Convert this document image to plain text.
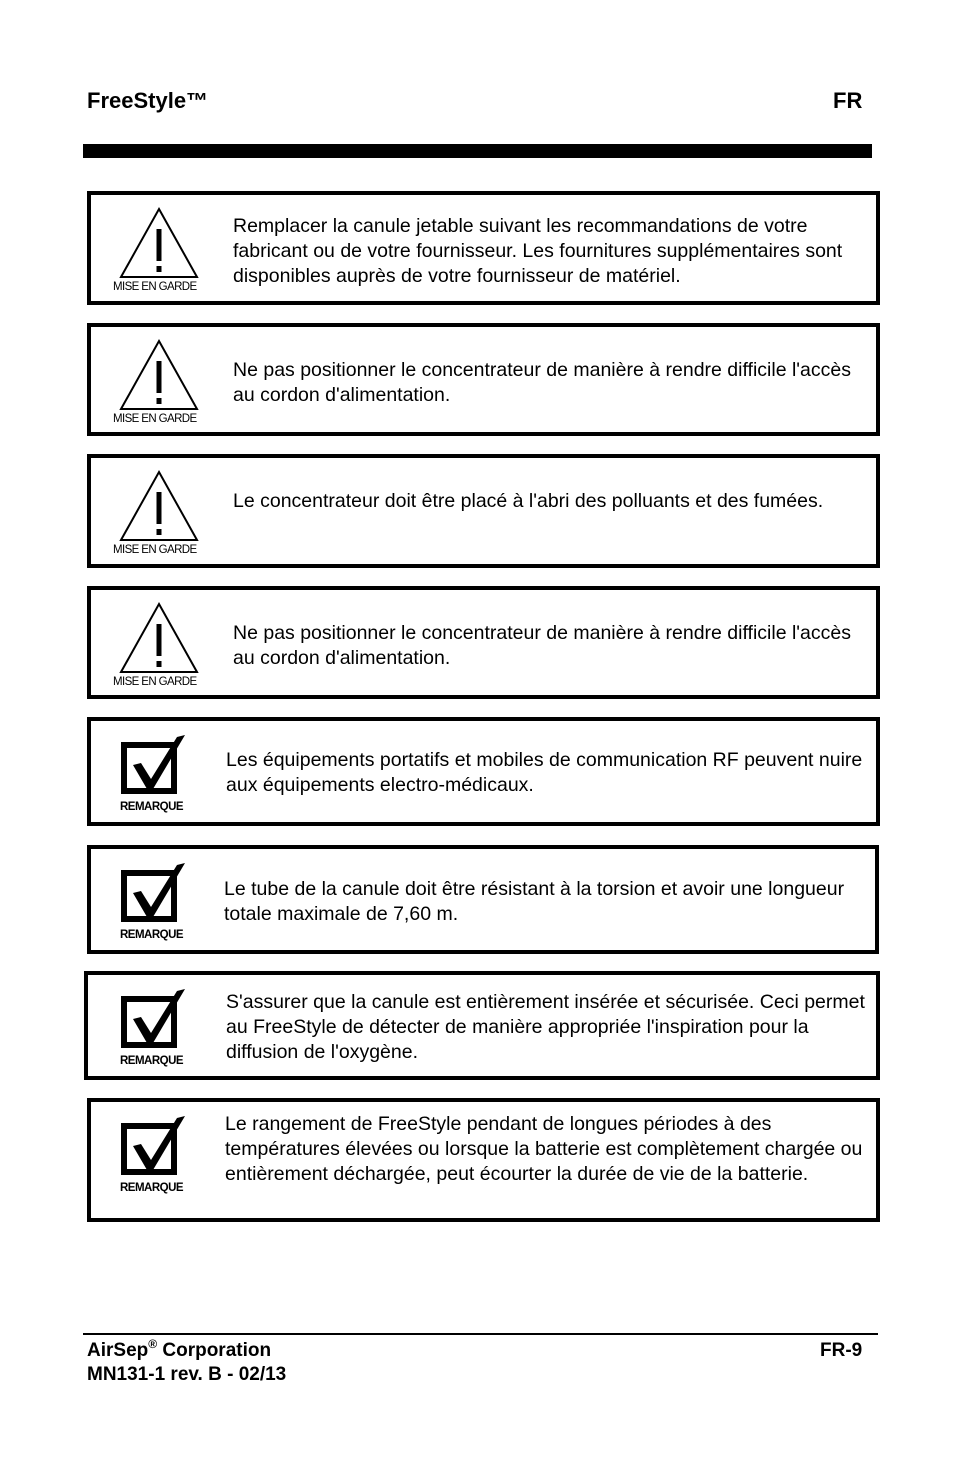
FreeStyle™	FR
MISE EN GARDE
Remplacer la canule jetable suivant les recommandations de votre fabricant ou de votre fournisseur. Les fournitures supplémentaires sont disponibles auprès de votre fournisseur de matériel.
MISE EN GARDE
Ne pas positionner le concentrateur de manière à rendre difficile l'accès au cordon d'alimentation.
MISE EN GARDE
Le concentrateur doit être placé à l'abri des polluants et des fumées.
MISE EN GARDE
Ne pas positionner le concentrateur de manière à rendre difficile l'accès au cordon d'alimentation.
REMARQUE
Les équipements portatifs et mobiles de communication RF peuvent nuire aux équipements electro-médicaux.
REMARQUE
Le tube de la canule doit être résistant à la torsion et avoir une longueur totale maximale de 7,60 m.
REMARQUE
S'assurer que la canule est entièrement insérée et sécurisée. Ceci permet au FreeStyle de détecter de manière appropriée l'inspiration pour la diffusion de l'oxygène.
REMARQUE
Le rangement de FreeStyle pendant de longues périodes à des températures élevées ou lorsque la batterie est complètement chargée ou entièrement déchargée, peut écourter la durée de vie de la batterie.
AirSep® Corporation
MN131-1 rev. B - 02/13
FR-9
